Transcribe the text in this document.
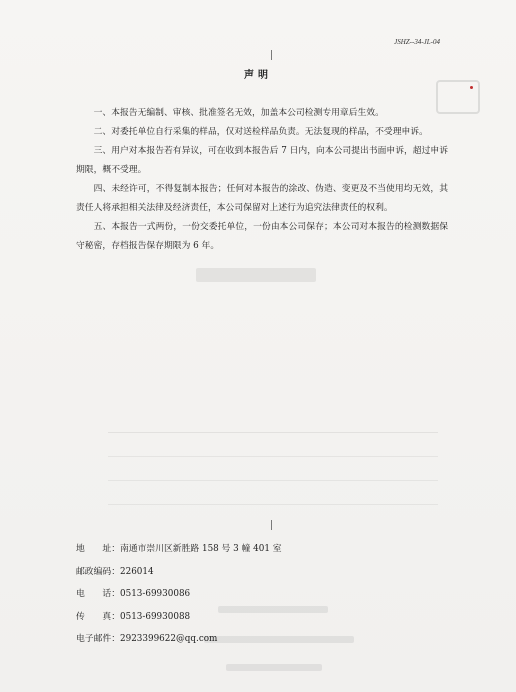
JSHZ--34-JL-04
声明

一、本报告无编制、审核、批准签名无效，加盖本公司检测专用章后生效。

二、对委托单位自行采集的样品，仅对送检样品负责。无法复现的样品，不受理申诉。

三、用户对本报告若有异议，可在收到本报告后 7 日内，向本公司提出书面申诉，超过申诉期限，概不受理。

四、未经许可，不得复制本报告；任何对本报告的涂改、伪造、变更及不当使用均无效，其责任人将承担相关法律及经济责任，本公司保留对上述行为追究法律责任的权利。

五、本报告一式两份，一份交委托单位，一份由本公司保存；本公司对本报告的检测数据保守秘密，存档报告保存期限为 6 年。

地　　址：南通市崇川区新胜路 158 号 3 幢 401 室
邮政编码：226014
电　　话：0513-69930086
传　　真：0513-69930088
电子邮件：2923399622@qq.com
